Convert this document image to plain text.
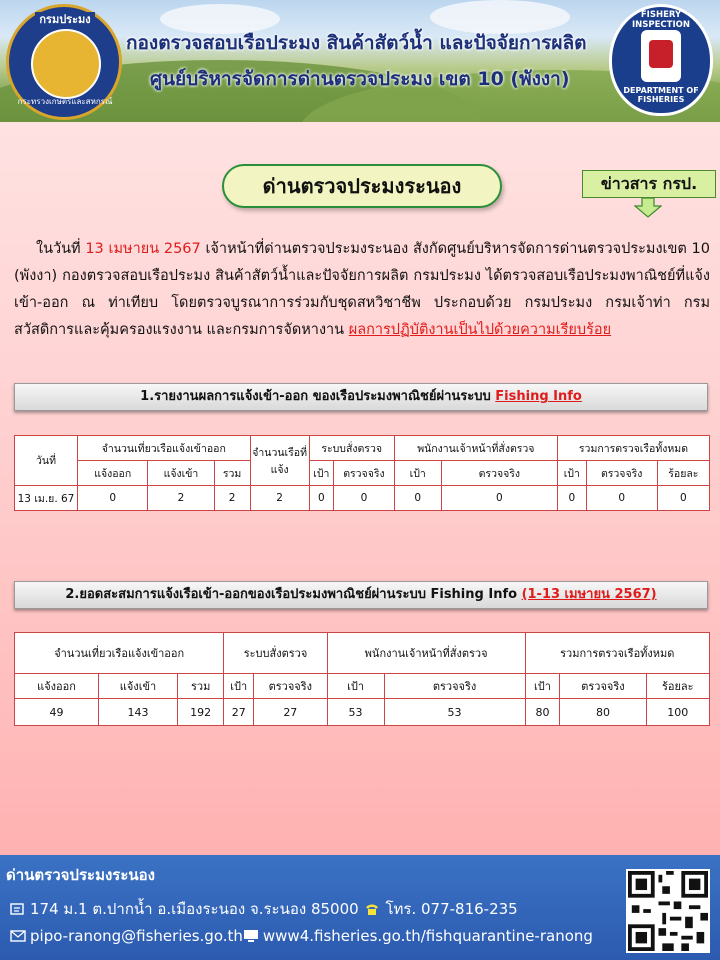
กรมประมง
กระทรวงเกษตรและสหกรณ์
กองตรวจสอบเรือประมง สินค้าสัตว์น้ำ และปัจจัยการผลิต
ศูนย์บริหารจัดการด่านตรวจประมง เขต 10 (พังงา)
FISHERY INSPECTION
DEPARTMENT OF FISHERIES
ด่านตรวจประมงระนอง	ข่าวสาร กรป.
ในวันที่ 13 เมษายน 2567 เจ้าหน้าที่ด่านตรวจประมงระนอง สังกัดศูนย์บริหารจัดการด่านตรวจประมงเขต 10 (พังงา) กองตรวจสอบเรือประมง สินค้าสัตว์น้ำและปัจจัยการผลิต กรมประมง ได้ตรวจสอบเรือประมงพาณิชย์ที่แจ้งเข้า-ออก ณ ท่าเทียบ โดยตรวจบูรณาการร่วมกับชุดสหวิชาชีพ ประกอบด้วย กรมประมง กรมเจ้าท่า กรมสวัสดิการและคุ้มครองแรงงาน และกรมการจัดหางาน ผลการปฏิบัติงานเป็นไปด้วยความเรียบร้อย
1.รายงานผลการแจ้งเข้า-ออก ของเรือประมงพาณิชย์ผ่านระบบ Fishing Info
วันที่	จำนวนเที่ยวเรือแจ้งเข้าออก			จำนวนเรือที่แจ้ง	ระบบสั่งตรวจ		พนักงานเจ้าหน้าที่สั่งตรวจ		รวมการตรวจเรือทั้งหมด		
	แจ้งออก	แจ้งเข้า	รวม		เป้า	ตรวจจริง	เป้า	ตรวจจริง	เป้า	ตรวจจริง	ร้อยละ
13 เม.ย. 67	0	2	2	2	0	0	0	0	0	0	0
2.ยอดสะสมการแจ้งเรือเข้า-ออกของเรือประมงพาณิชย์ผ่านระบบ Fishing Info (1-13 เมษายน 2567)
จำนวนเที่ยวเรือแจ้งเข้าออก			ระบบสั่งตรวจ		พนักงานเจ้าหน้าที่สั่งตรวจ		รวมการตรวจเรือทั้งหมด		
แจ้งออก	แจ้งเข้า	รวม	เป้า	ตรวจจริง	เป้า	ตรวจจริง	เป้า	ตรวจจริง	ร้อยละ
49	143	192	27	27	53	53	80	80	100
ด่านตรวจประมงระนอง
174 ม.1 ต.ปากน้ำ อ.เมืองระนอง จ.ระนอง 85000 โทร. 077-816-235
pipo-ranong@fisheries.go.th www4.fisheries.go.th/fishquarantine-ranong
